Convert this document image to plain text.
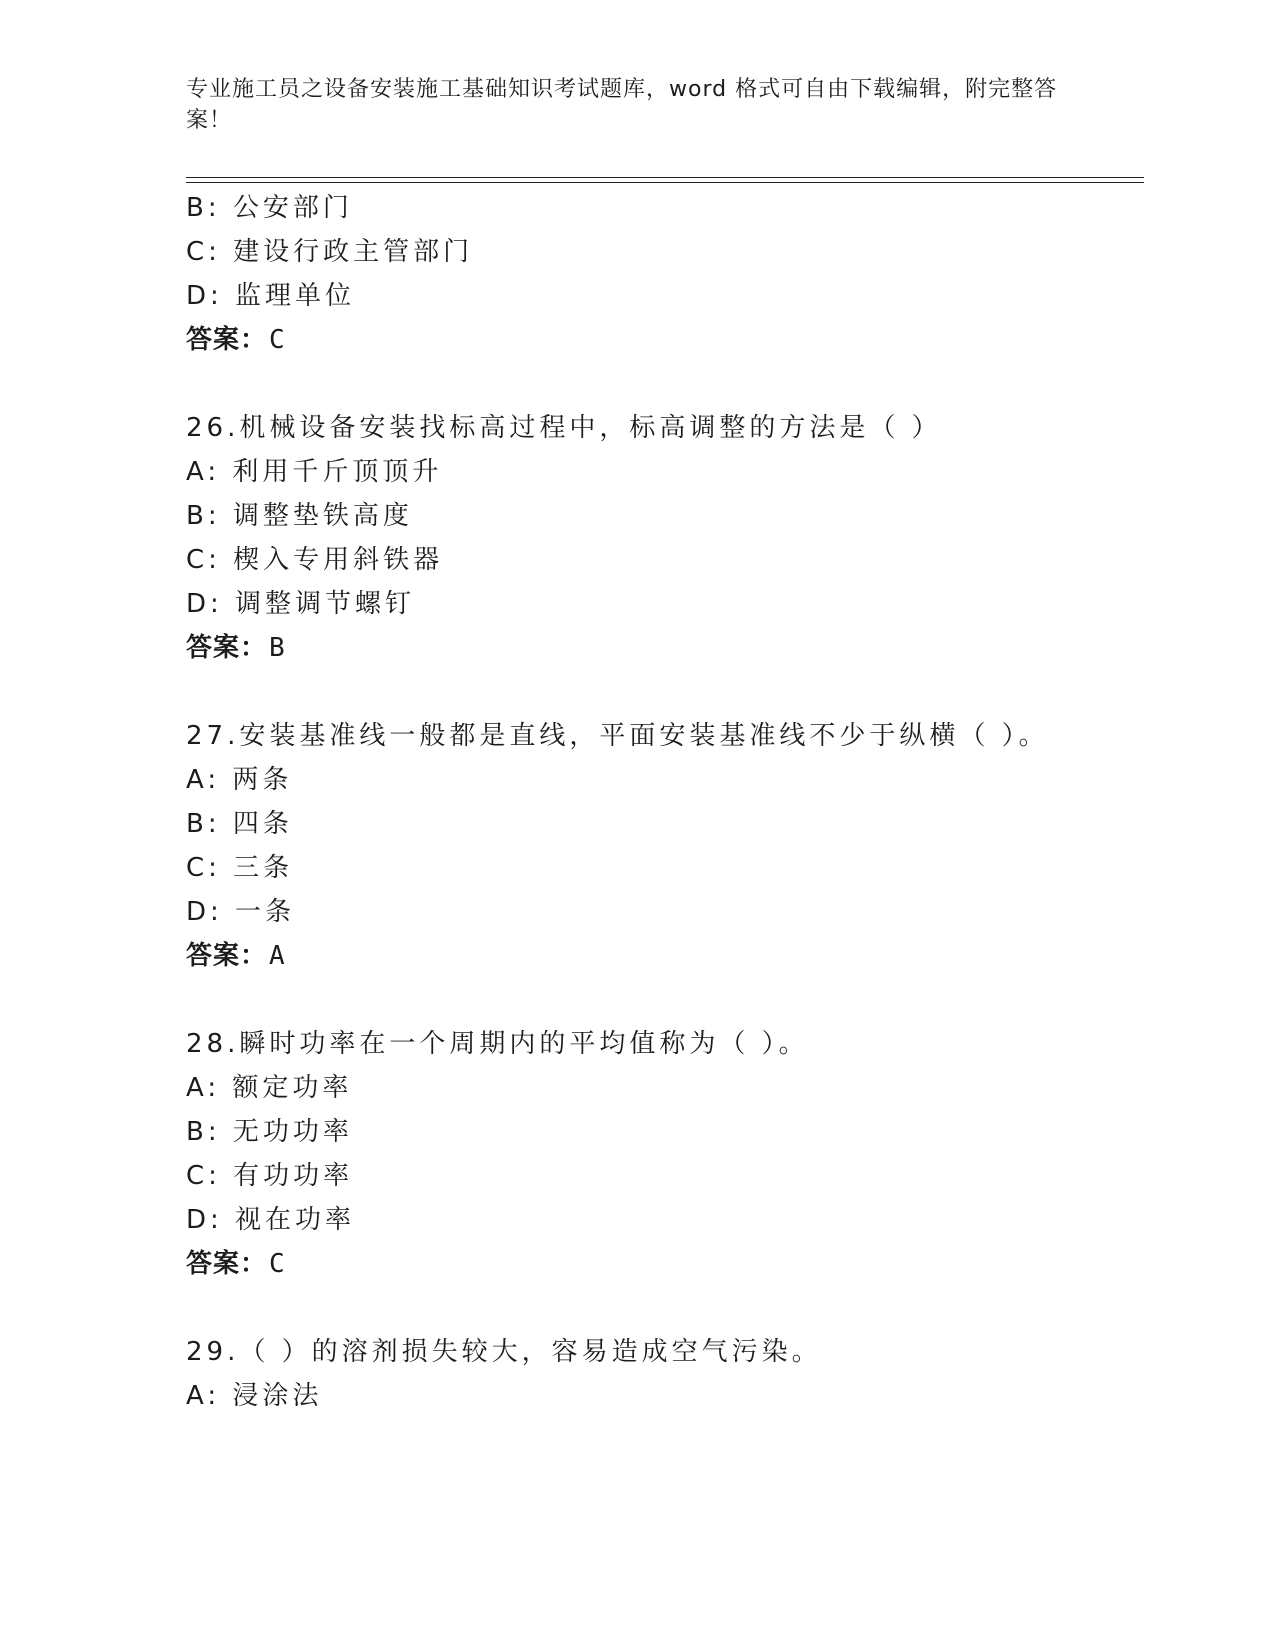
专业施工员之设备安装施工基础知识考试题库，word 格式可自由下载编辑，附完整答案！
B: 公安部门
C: 建设行政主管部门
D: 监理单位
答案：C
26.机械设备安装找标高过程中，标高调整的方法是（ ）
A: 利用千斤顶顶升
B: 调整垫铁高度
C: 楔入专用斜铁器
D: 调整调节螺钉
答案：B
27.安装基准线一般都是直线，平面安装基准线不少于纵横（ ）。
A: 两条
B: 四条
C: 三条
D: 一条
答案：A
28.瞬时功率在一个周期内的平均值称为（ ）。
A: 额定功率
B: 无功功率
C: 有功功率
D: 视在功率
答案：C
29.（ ）的溶剂损失较大，容易造成空气污染。
A: 浸涂法
